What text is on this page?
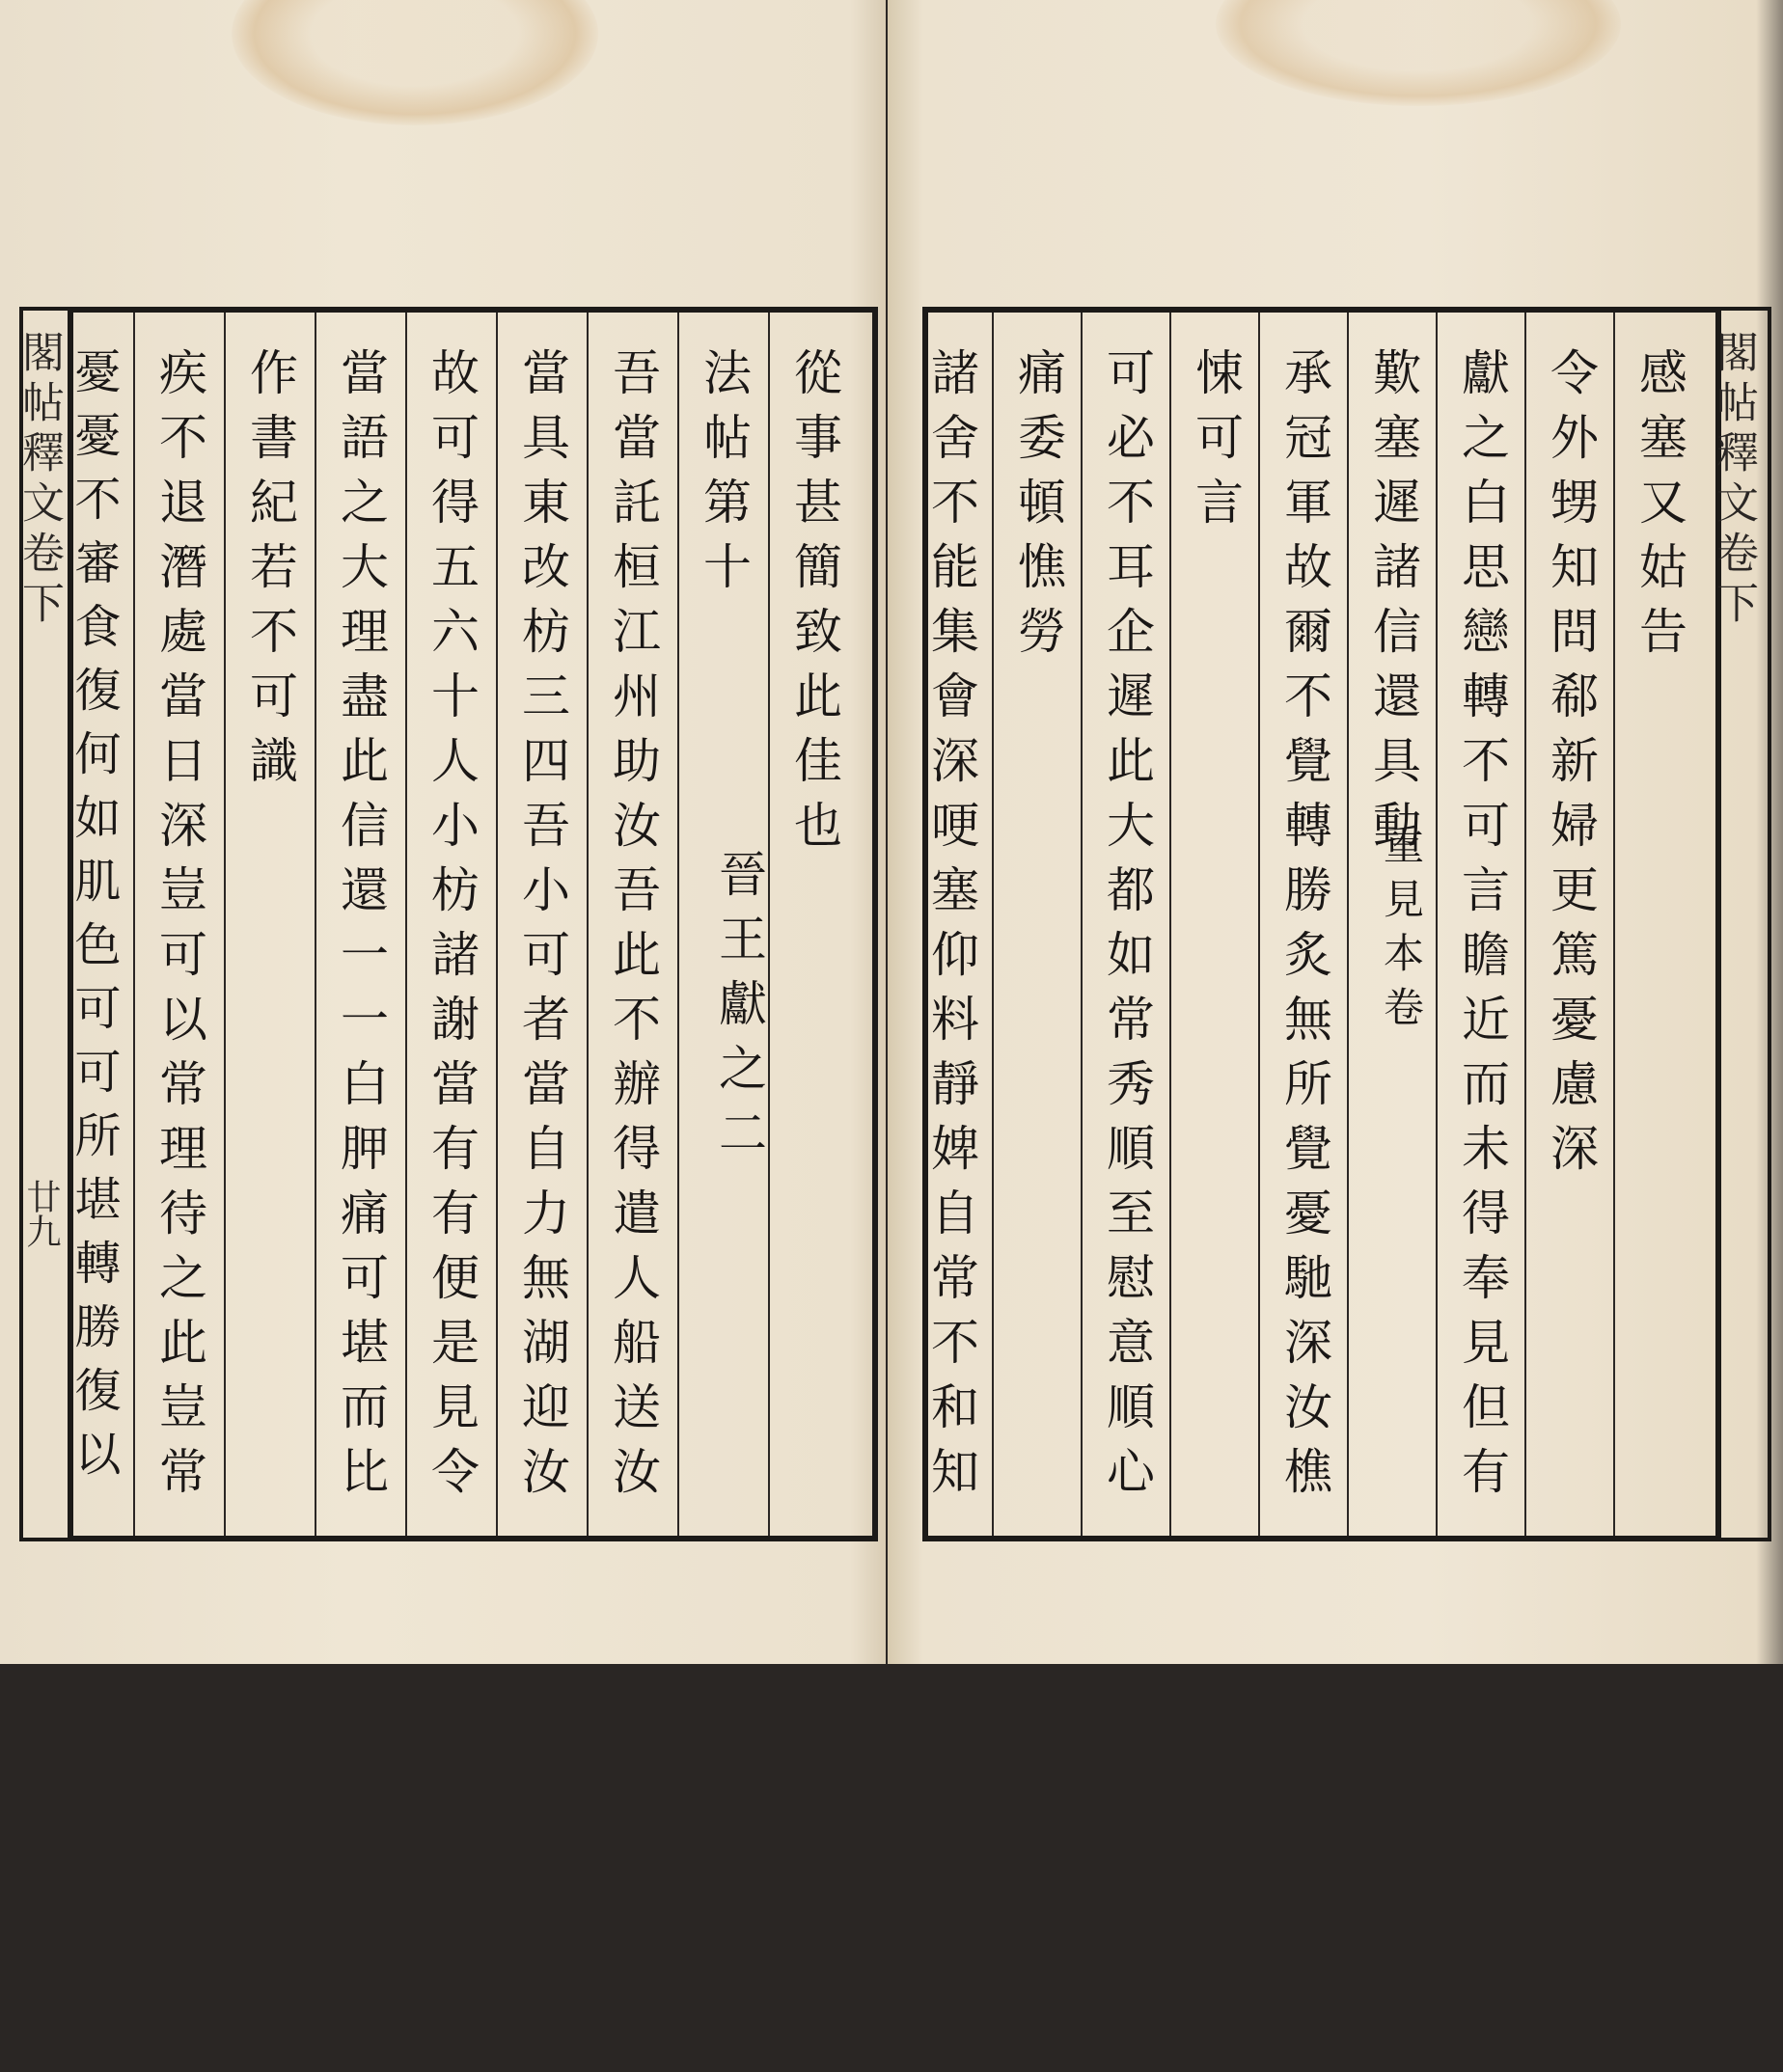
從事甚簡致此佳也
法帖第十
晉王獻之二
吾當託桓江州助汝吾此不辦得遣人船送汝
當具東改枋三四吾小可者當自力無湖迎汝
故可得五六十人小枋諸謝當有有便是見令
當語之大理盡此信還一一白胛痛可堪而比
作書紀若不可識
疾不退潛處當日深豈可以常理待之此豈常
憂憂不審食復何如肌色可可所堪轉勝復以
閣帖釋文卷下
廿九
感塞又姑告
令外甥知問郗新婦更篤憂慮深
獻之白思戀轉不可言瞻近而未得奉見但有
歎塞遲諸信還具動
重見本卷
承冠軍故爾不覺轉勝炙無所覺憂馳深汝樵
悚可言
可必不耳企遲此大都如常秀順至慰意順心
痛委頓憔勞
諸舍不能集會深哽塞仰料靜婢自常不和知	閣帖釋文卷下
